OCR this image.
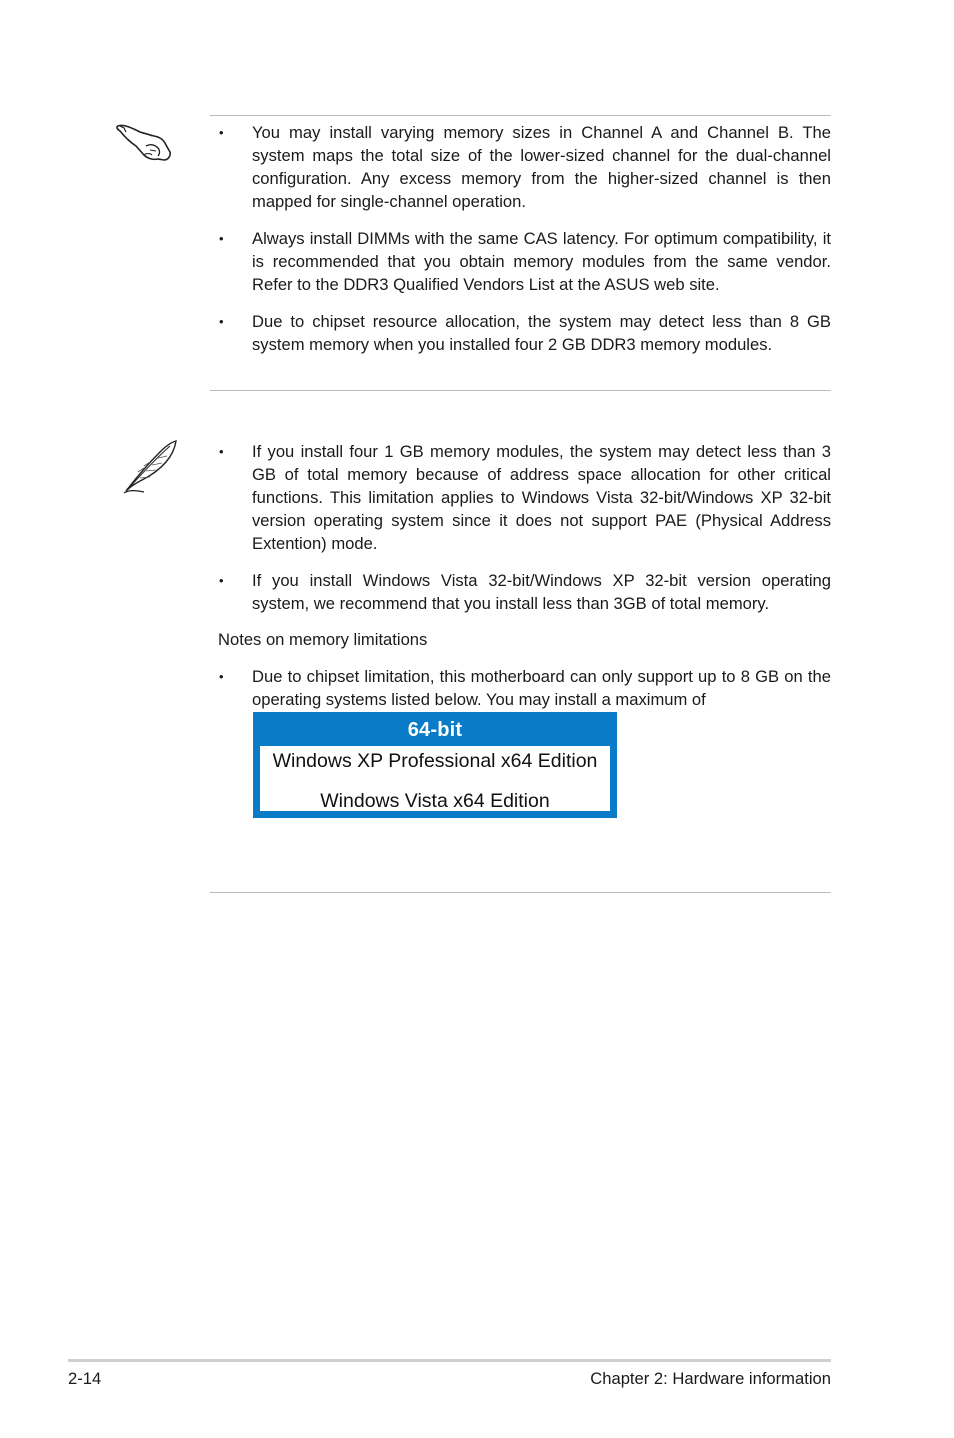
• You may install varying memory sizes in Channel A and Channel B. The system maps the total size of the lower-sized channel for the dual-channel configuration. Any excess memory from the higher-sized channel is then mapped for single-channel operation.
• Always install DIMMs with the same CAS latency. For optimum compatibility, it is recommended that you obtain memory modules from the same vendor. Refer to the DDR3 Qualified Vendors List at the ASUS web site.
• Due to chipset resource allocation, the system may detect less than 8 GB system memory when you installed four 2 GB DDR3 memory modules.
• If you install four 1 GB memory modules, the system may detect less than 3 GB of total memory because of address space allocation for other critical functions. This limitation applies to Windows Vista 32-bit/Windows XP 32-bit version operating system since it does not support PAE (Physical Address Extention) mode.
• If you install Windows Vista 32-bit/Windows XP 32-bit version operating system, we recommend that you install less than 3GB of total memory.
Notes on memory limitations
• Due to chipset limitation, this motherboard can only support up to 8 GB on the operating systems listed below. You may install a maximum of
64-bit
Windows XP Professional x64 Edition
Windows Vista x64 Edition
2-14	Chapter 2: Hardware information
